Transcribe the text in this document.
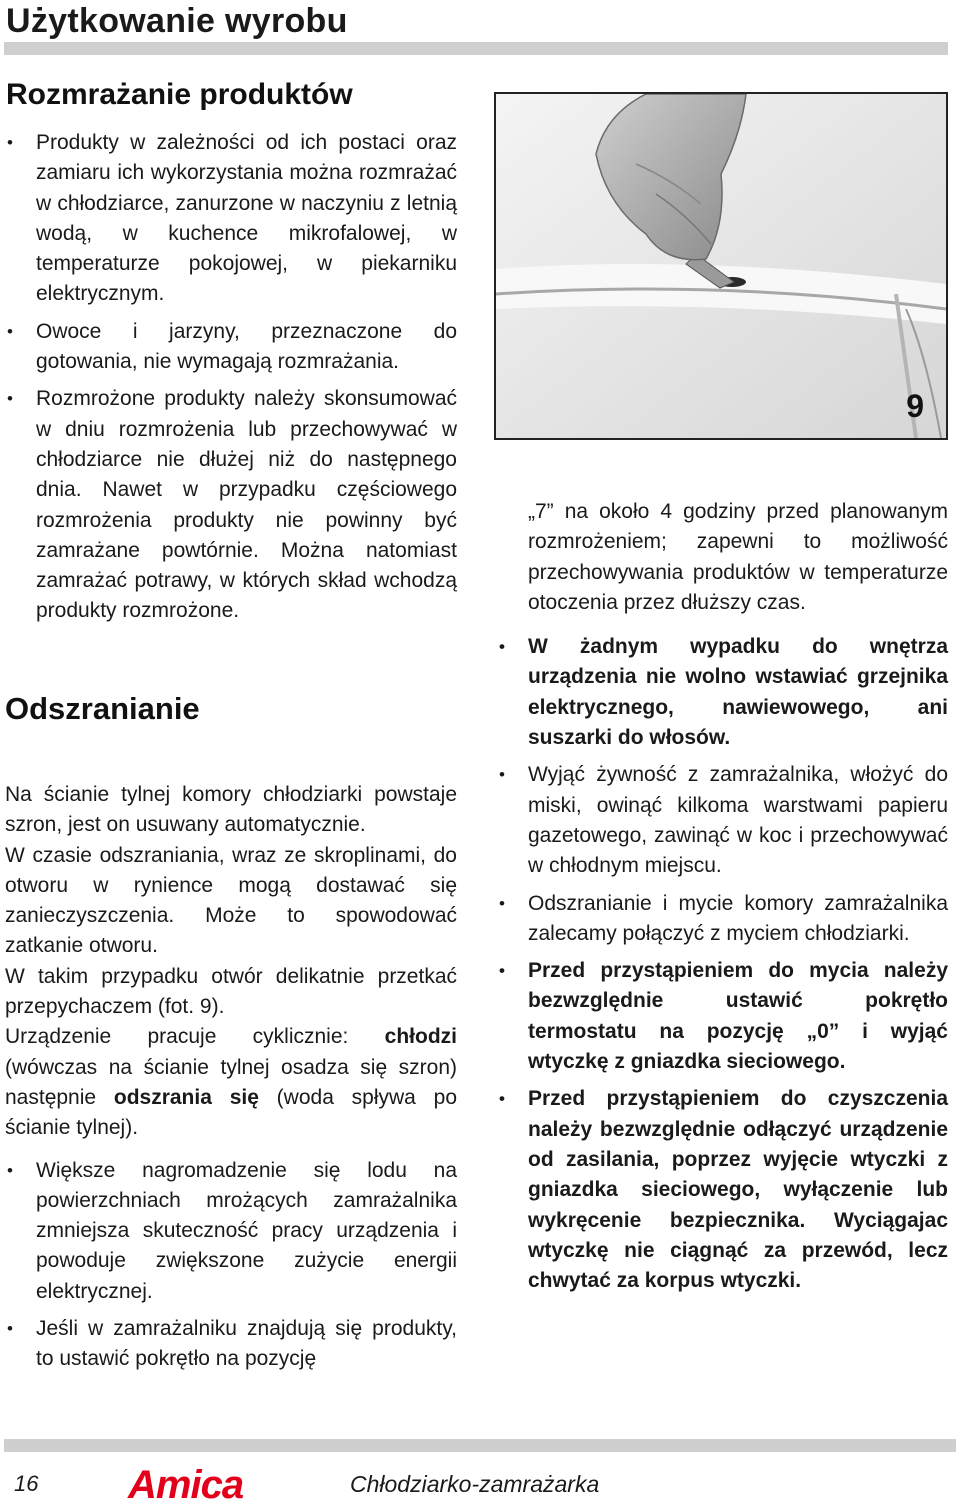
Użytkowanie wyrobu
Rozmrażanie produktów
• Produkty w zależności od ich postaci oraz zamiaru ich wykorzystania można rozmrażać w chłodziarce, zanurzone w naczyniu z letnią wodą, w kuchence mikrofalowej, w temperaturze pokojowej, w piekarniku elektrycznym.
• Owoce i jarzyny, przeznaczone do gotowania, nie wymagają rozmrażania.
• Rozmrożone produkty należy skonsumować w dniu rozmrożenia lub przechowywać w chłodziarce nie dłużej niż do następnego dnia. Nawet w przypadku częściowego rozmrożenia produkty nie powinny być zamrażane powtórnie. Można natomiast zamrażać potrawy, w których skład wchodzą produkty rozmrożone.
Odszranianie

Na ścianie tylnej komory chłodziarki powstaje szron, jest on usuwany automatycznie.

W czasie odszraniania, wraz ze skroplinami, do otworu w rynience mogą dostawać się zanieczyszczenia. Może to spowodować zatkanie otworu.

W takim przypadku otwór delikatnie przetkać przepychaczem (fot. 9).

Urządzenie pracuje cyklicznie: chłodzi (wówczas na ścianie tylnej osadza się szron) następnie odszrania się (woda spływa po ścianie tylnej).

• Większe nagromadzenie się lodu na powierzchniach mrożących zamrażalnika zmniejsza skuteczność pracy urządzenia i powoduje zwiększone zużycie energii elektrycznej.
• Jeśli w zamrażalniku znajdują się produkty, to ustawić pokrętło na pozycję
9

„7” na około 4 godziny przed planowanym rozmrożeniem; zapewni to możliwość przechowywania produktów w temperaturze otoczenia przez dłuższy czas.

• W żadnym wypadku do wnętrza urządzenia nie wolno wstawiać grzejnika elektrycznego, nawiewowego, ani suszarki do włosów.
• Wyjąć żywność z zamrażalnika, włożyć do miski, owinąć kilkoma warstwami papieru gazetowego, zawinąć w koc i przechowywać w chłodnym miejscu.
• Odszranianie i mycie komory zamrażalnika zalecamy połączyć z myciem chłodziarki.
• Przed przystąpieniem do mycia należy bezwzględnie ustawić pokrętło termostatu na pozycję „0” i wyjąć wtyczkę z gniazdka sieciowego.
• Przed przystąpieniem do czyszczenia należy bezwzględnie odłączyć urządzenie od zasilania, poprzez wyjęcie wtyczki z gniazdka sieciowego, wyłączenie lub wykręcenie bezpiecznika. Wyciągajac wtyczkę nie ciągnąć za przewód, lecz chwytać za korpus wtyczki.
16 Amica	Chłodziarko-zamrażarka
